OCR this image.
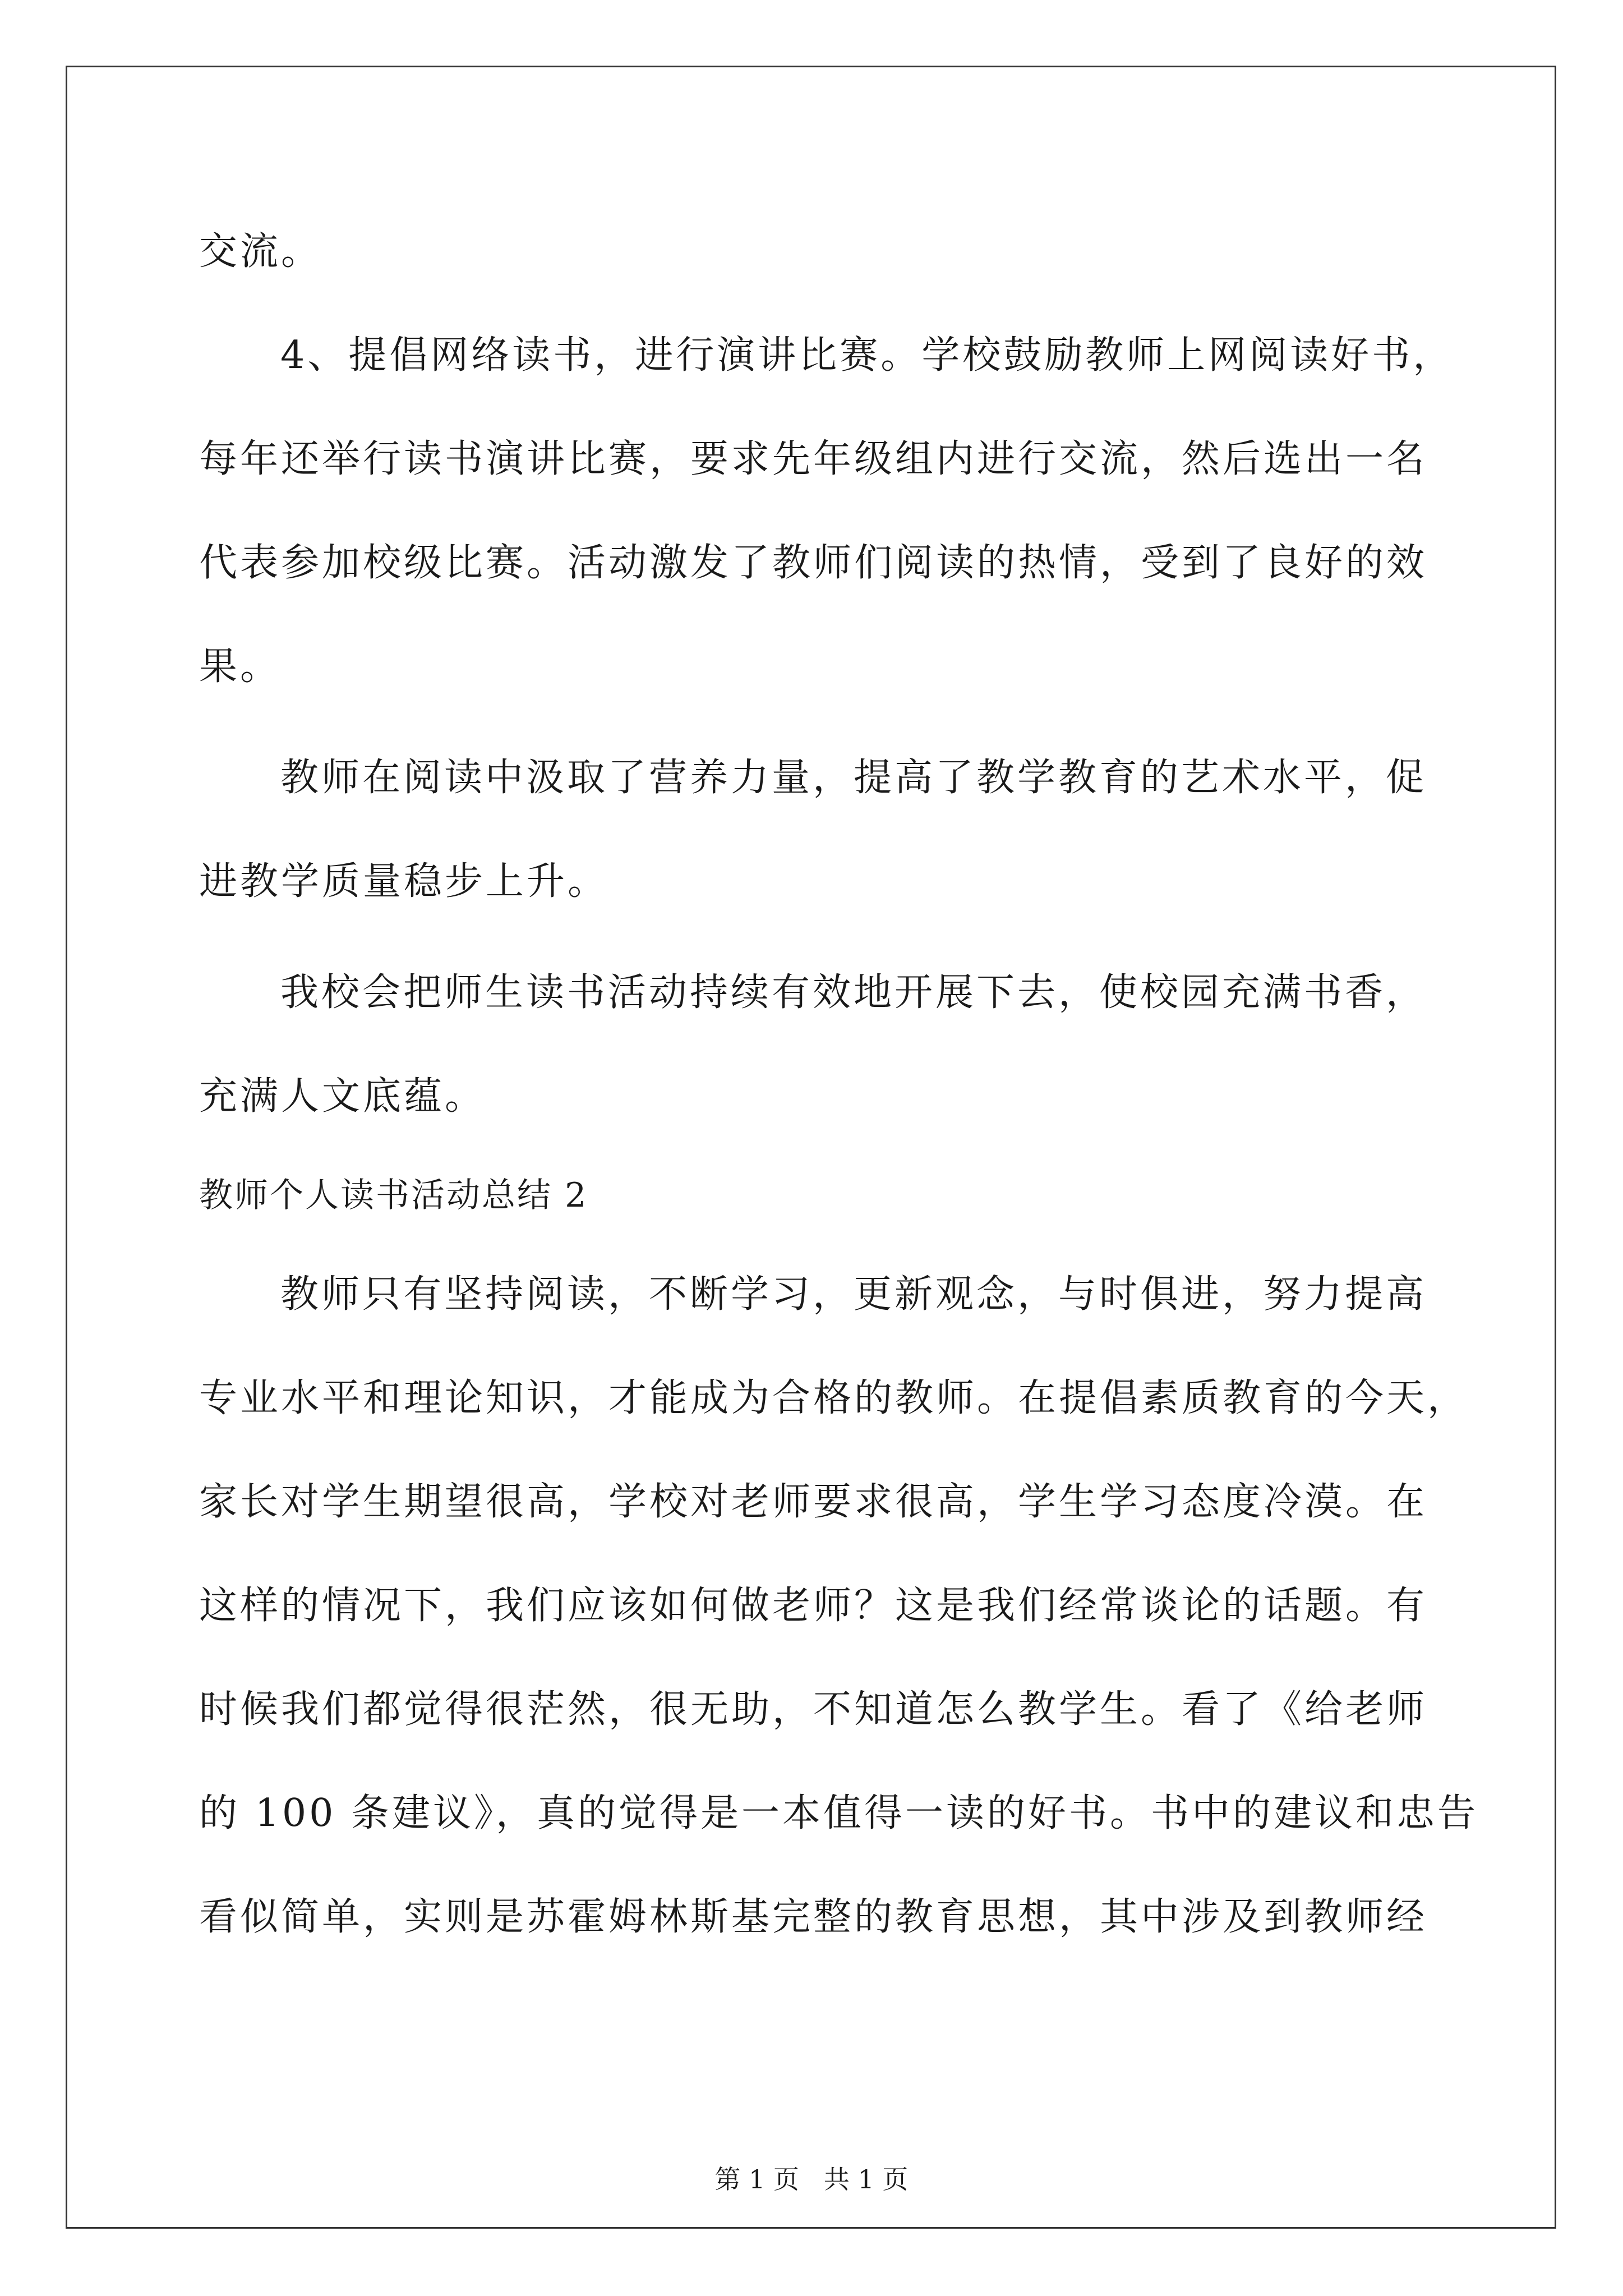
交流。
4、提倡网络读书，进行演讲比赛。学校鼓励教师上网阅读好书，
每年还举行读书演讲比赛，要求先年级组内进行交流，然后选出一名
代表参加校级比赛。活动激发了教师们阅读的热情，受到了良好的效
果。
教师在阅读中汲取了营养力量，提高了教学教育的艺术水平，促
进教学质量稳步上升。
我校会把师生读书活动持续有效地开展下去，使校园充满书香，
充满人文底蕴。
教师个人读书活动总结 2
教师只有坚持阅读，不断学习，更新观念，与时俱进，努力提高
专业水平和理论知识，才能成为合格的教师。在提倡素质教育的今天，
家长对学生期望很高，学校对老师要求很高，学生学习态度冷漠。在
这样的情况下，我们应该如何做老师？这是我们经常谈论的话题。有
时候我们都觉得很茫然，很无助，不知道怎么教学生。看了《给老师
的 100 条建议》，真的觉得是一本值得一读的好书。书中的建议和忠告
看似简单，实则是苏霍姆林斯基完整的教育思想，其中涉及到教师经
第 1 页   共 1 页
